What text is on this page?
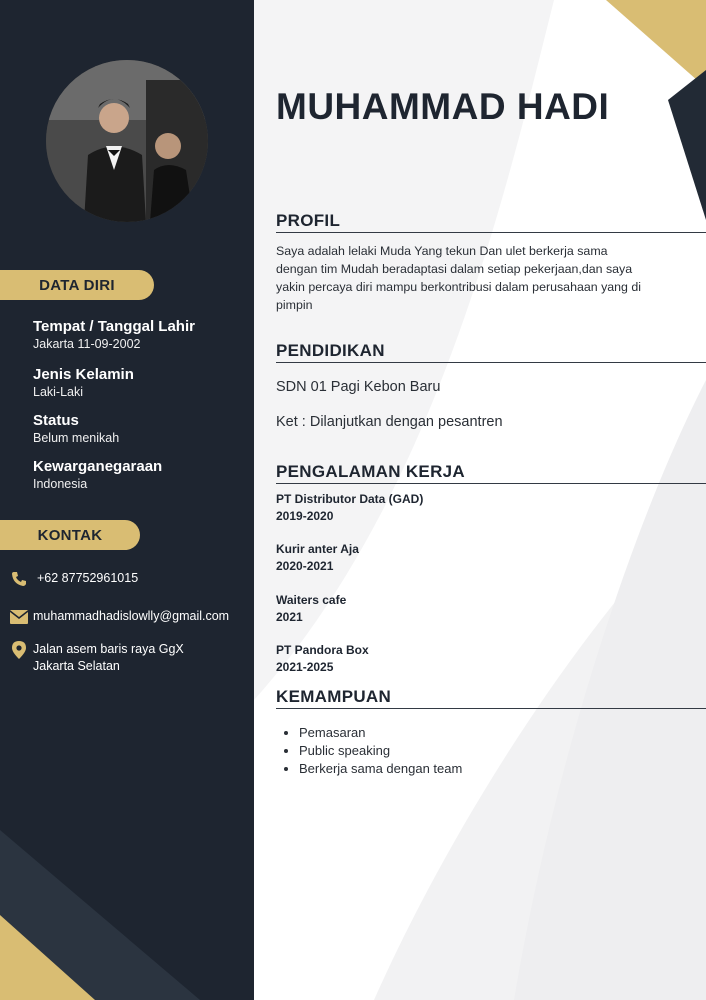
DATA DIRI
Tempat / Tanggal Lahir
Jakarta 11-09-2002
Jenis Kelamin
Laki-Laki
Status
Belum menikah
Kewarganegaraan
Indonesia
KONTAK
+62 87752961015
muhammadhadislowlly@gmail.com
Jalan asem baris raya GgX
Jakarta Selatan
MUHAMMAD HADI
PROFIL
Saya adalah lelaki Muda Yang tekun Dan ulet berkerja sama
dengan tim Mudah beradaptasi dalam setiap pekerjaan,dan saya
yakin percaya diri mampu berkontribusi dalam perusahaan yang di
pimpin
PENDIDIKAN
SDN 01 Pagi Kebon Baru
Ket : Dilanjutkan dengan pesantren
PENGALAMAN KERJA
PT Distributor Data (GAD)
2019-2020
Kurir anter Aja
2020-2021
Waiters cafe
2021
PT Pandora Box
2021-2025
KEMAMPUAN
• Pemasaran
• Public speaking
• Berkerja sama dengan team
